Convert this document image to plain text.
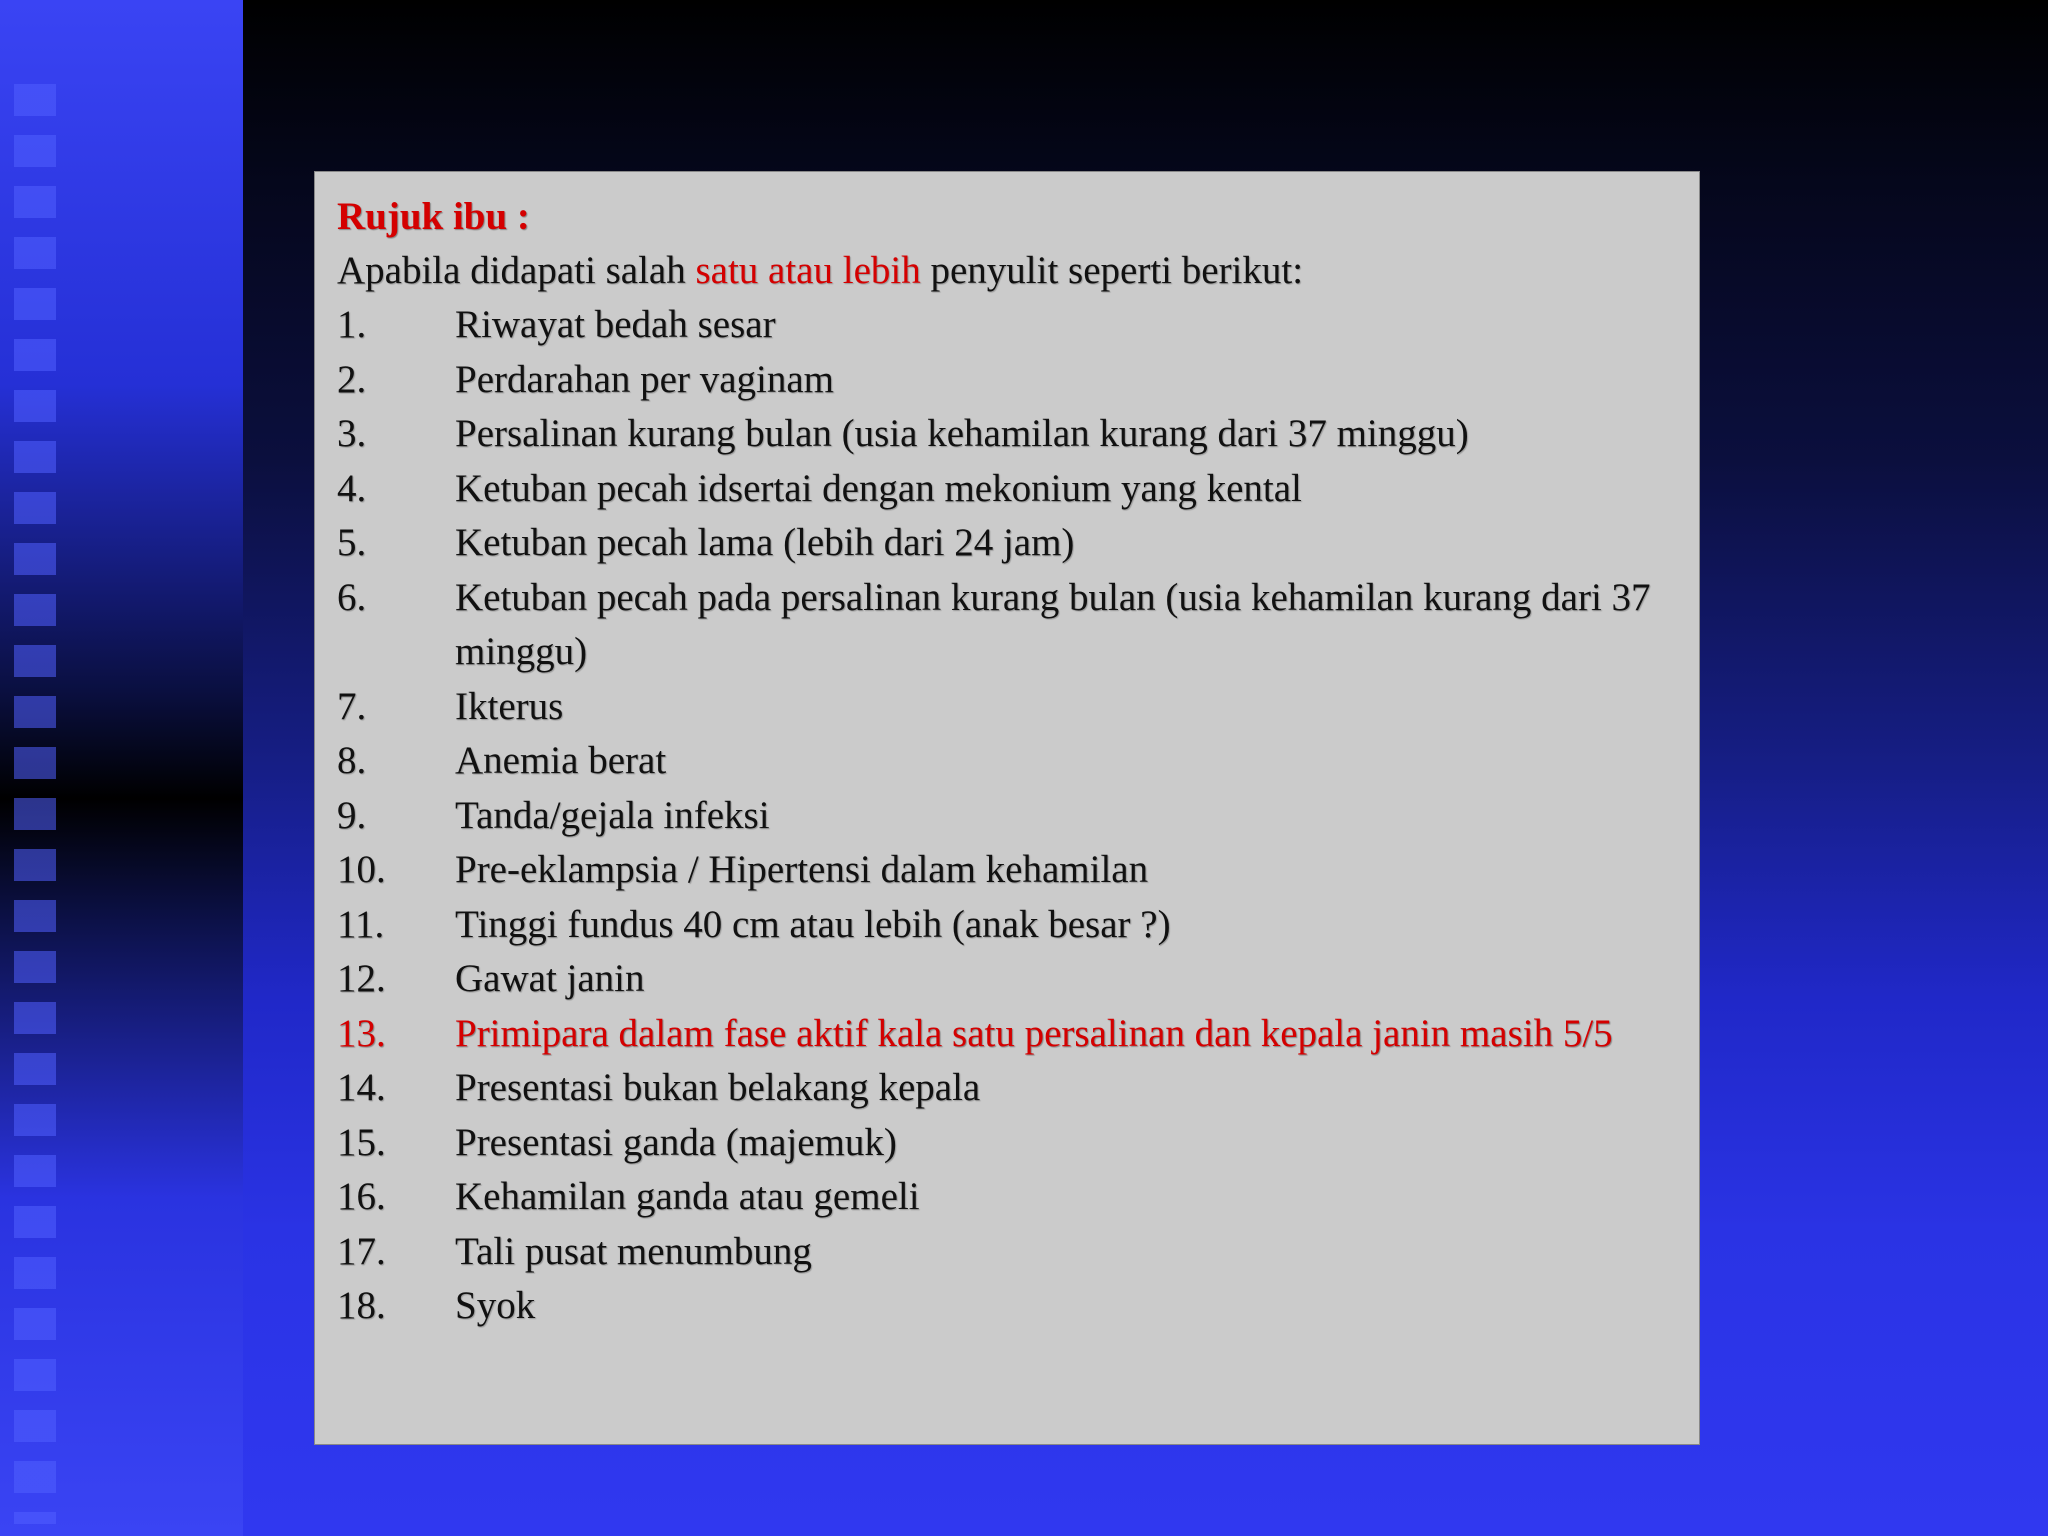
Rujuk ibu :
Apabila didapati salah satu atau lebih penyulit seperti berikut:
1.	Riwayat bedah sesar
2.	Perdarahan per vaginam
3.	Persalinan kurang bulan (usia kehamilan kurang dari 37 minggu)
4.	Ketuban pecah idsertai dengan mekonium yang kental
5.	Ketuban pecah lama (lebih dari 24 jam)
6.	Ketuban pecah pada persalinan kurang bulan (usia kehamilan kurang dari 37 minggu)
7.	Ikterus
8.	Anemia berat
9.	Tanda/gejala infeksi
10.	Pre-eklampsia / Hipertensi dalam kehamilan
11.	Tinggi fundus 40 cm atau lebih (anak besar ?)
12.	Gawat janin
13.	Primipara dalam fase aktif kala satu persalinan dan kepala janin masih 5/5
14.	Presentasi bukan belakang kepala
15.	Presentasi ganda (majemuk)
16.	Kehamilan ganda atau gemeli
17.	Tali pusat menumbung
18.	Syok
